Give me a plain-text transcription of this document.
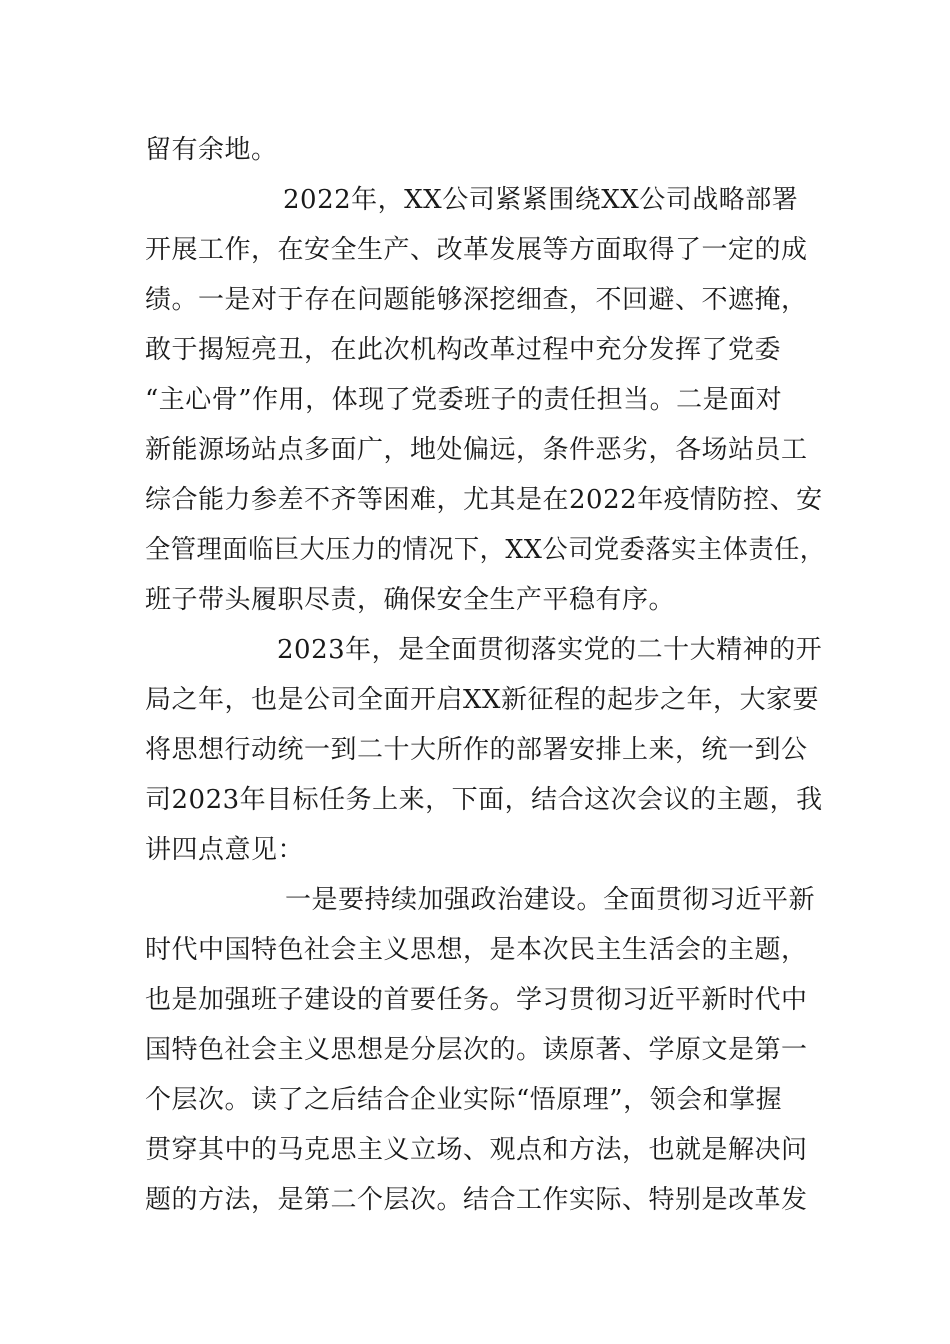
留有余地。
2022年，XX公司紧紧围绕XX公司战略部署
开展工作，在安全生产、改革发展等方面取得了一定的成
绩。一是对于存在问题能够深挖细查，不回避、不遮掩，
敢于揭短亮丑，在此次机构改革过程中充分发挥了党委
“主心骨”作用，体现了党委班子的责任担当。二是面对
新能源场站点多面广，地处偏远，条件恶劣，各场站员工
综合能力参差不齐等困难，尤其是在2022年疫情防控、安
全管理面临巨大压力的情况下，XX公司党委落实主体责任，
班子带头履职尽责，确保安全生产平稳有序。
2023年，是全面贯彻落实党的二十大精神的开
局之年，也是公司全面开启XX新征程的起步之年，大家要
将思想行动统一到二十大所作的部署安排上来，统一到公
司2023年目标任务上来，下面，结合这次会议的主题，我
讲四点意见：
一是要持续加强政治建设。全面贯彻习近平新
时代中国特色社会主义思想，是本次民主生活会的主题，
也是加强班子建设的首要任务。学习贯彻习近平新时代中
国特色社会主义思想是分层次的。读原著、学原文是第一
个层次。读了之后结合企业实际“悟原理”，领会和掌握
贯穿其中的马克思主义立场、观点和方法，也就是解决问
题的方法，是第二个层次。结合工作实际、特别是改革发
